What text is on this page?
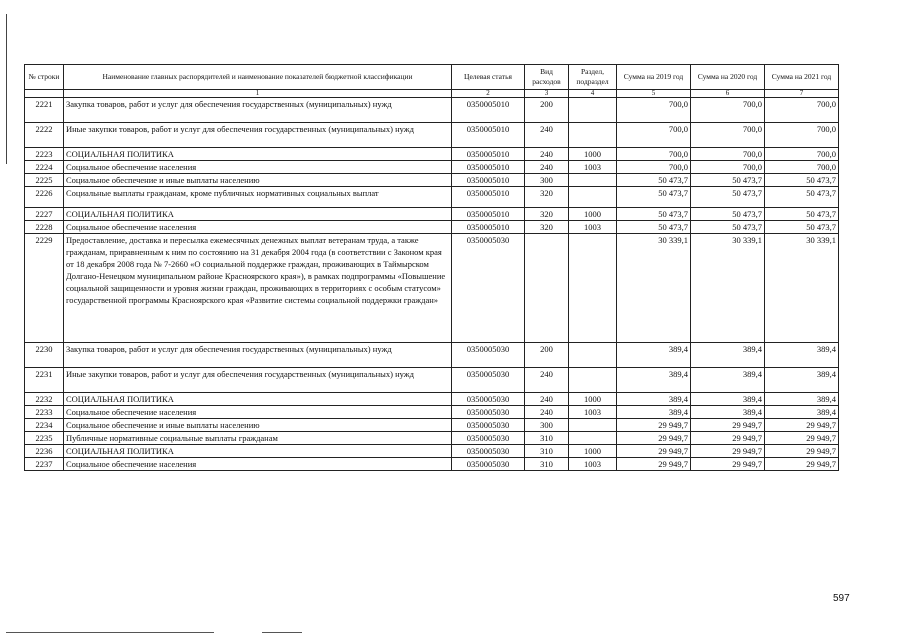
№ строки	Наименование главных распорядителей и наименование показателей бюджетной классификации	Целевая статья	Вид расходов	Раздел, подраздел	Сумма на 2019 год	Сумма на 2020 год	Сумма на 2021 год
	1	2	3	4	5	6	7
2221	Закупка товаров, работ и услуг для обеспечения государственных (муниципальных) нужд	0350005010	200		700,0	700,0	700,0
2222	Иные закупки товаров, работ и услуг для обеспечения государственных (муниципальных) нужд	0350005010	240		700,0	700,0	700,0
2223	СОЦИАЛЬНАЯ ПОЛИТИКА	0350005010	240	1000	700,0	700,0	700,0
2224	Социальное обеспечение населения	0350005010	240	1003	700,0	700,0	700,0
2225	Социальное обеспечение и иные выплаты населению	0350005010	300		50 473,7	50 473,7	50 473,7
2226	Социальные выплаты гражданам, кроме публичных нормативных социальных выплат	0350005010	320		50 473,7	50 473,7	50 473,7
2227	СОЦИАЛЬНАЯ ПОЛИТИКА	0350005010	320	1000	50 473,7	50 473,7	50 473,7
2228	Социальное обеспечение населения	0350005010	320	1003	50 473,7	50 473,7	50 473,7
2229	Предоставление, доставка и пересылка ежемесячных денежных выплат ветеранам труда, а также гражданам, приравненным к ним по состоянию на 31 декабря 2004 года (в соответствии с Законом края от 18 декабря 2008 года № 7-2660 «О социальной поддержке граждан, проживающих в Таймырском Долгано-Ненецком муниципальном районе Красноярского края»), в рамках подпрограммы «Повышение социальной защищенности и уровня жизни граждан, проживающих в территориях с особым статусом» государственной программы Красноярского края «Развитие системы социальной поддержки граждан»	0350005030			30 339,1	30 339,1	30 339,1
2230	Закупка товаров, работ и услуг для обеспечения государственных (муниципальных) нужд	0350005030	200		389,4	389,4	389,4
2231	Иные закупки товаров, работ и услуг для обеспечения государственных (муниципальных) нужд	0350005030	240		389,4	389,4	389,4
2232	СОЦИАЛЬНАЯ ПОЛИТИКА	0350005030	240	1000	389,4	389,4	389,4
2233	Социальное обеспечение населения	0350005030	240	1003	389,4	389,4	389,4
2234	Социальное обеспечение и иные выплаты населению	0350005030	300		29 949,7	29 949,7	29 949,7
2235	Публичные нормативные социальные выплаты гражданам	0350005030	310		29 949,7	29 949,7	29 949,7
2236	СОЦИАЛЬНАЯ ПОЛИТИКА	0350005030	310	1000	29 949,7	29 949,7	29 949,7
2237	Социальное обеспечение населения	0350005030	310	1003	29 949,7	29 949,7	29 949,7
597
